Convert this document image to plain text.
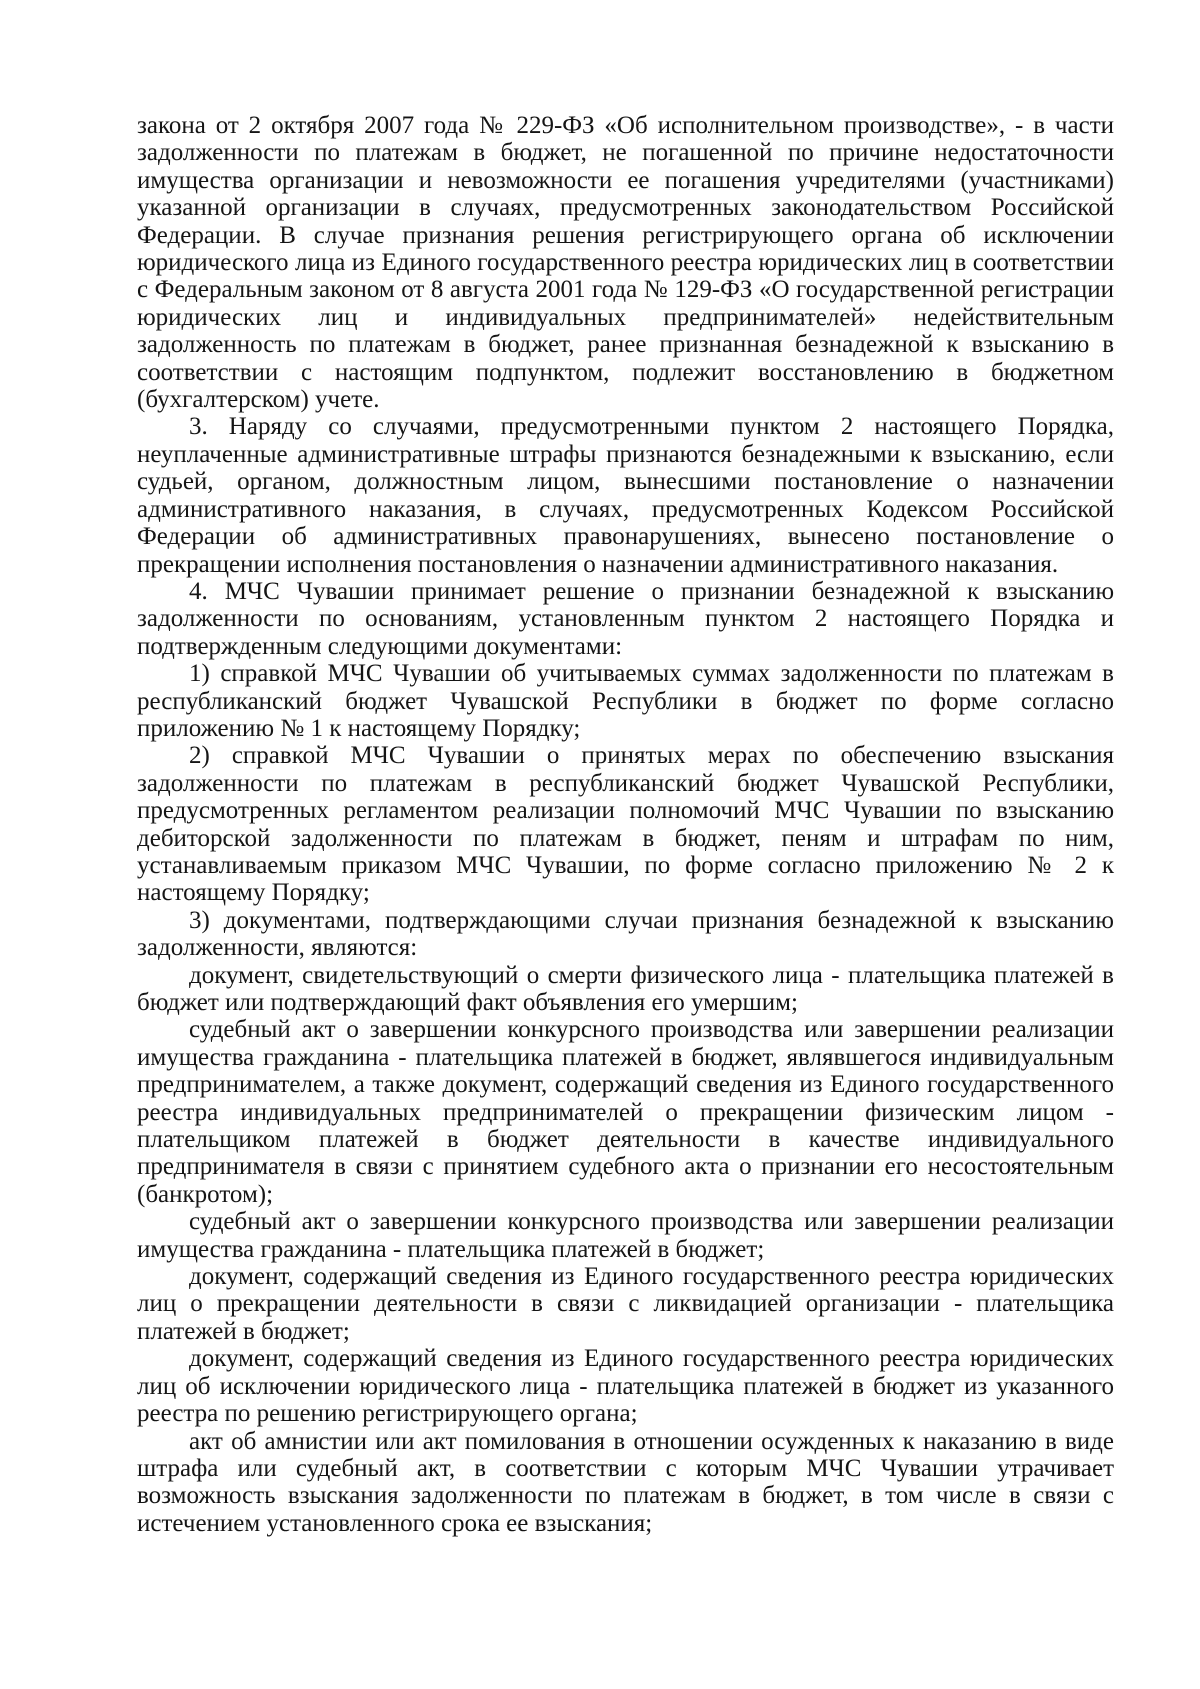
закона от 2 октября 2007 года № 229-ФЗ «Об исполнительном производстве», - в части задолженности по платежам в бюджет, не погашенной по причине недостаточности имущества организации и невозможности ее погашения учредителями (участниками) указанной организации в случаях, предусмотренных законодательством Российской Федерации. В случае признания решения регистрирующего органа об исключении юридического лица из Единого государственного реестра юридических лиц в соответствии с Федеральным законом от 8 августа 2001 года № 129-ФЗ «О государственной регистрации юридических лиц и индивидуальных предпринимателей» недействительным задолженность по платежам в бюджет, ранее признанная безнадежной к взысканию в соответствии с настоящим подпунктом, подлежит восстановлению в бюджетном (бухгалтерском) учете.

3. Наряду со случаями, предусмотренными пунктом 2 настоящего Порядка, неуплаченные административные штрафы признаются безнадежными к взысканию, если судьей, органом, должностным лицом, вынесшими постановление о назначении административного наказания, в случаях, предусмотренных Кодексом Российской Федерации об административных правонарушениях, вынесено постановление о прекращении исполнения постановления о назначении административного наказания.

4. МЧС Чувашии принимает решение о признании безнадежной к взысканию задолженности по основаниям, установленным пунктом 2 настоящего Порядка и подтвержденным следующими документами:

1) справкой МЧС Чувашии об учитываемых суммах задолженности по платежам в республиканский бюджет Чувашской Республики в бюджет по форме согласно приложению № 1 к настоящему Порядку;

2) справкой МЧС Чувашии о принятых мерах по обеспечению взыскания задолженности по платежам в республиканский бюджет Чувашской Республики, предусмотренных регламентом реализации полномочий МЧС Чувашии по взысканию дебиторской задолженности по платежам в бюджет, пеням и штрафам по ним, устанавливаемым приказом МЧС Чувашии, по форме согласно приложению № 2 к настоящему Порядку;

3) документами, подтверждающими случаи признания безнадежной к взысканию задолженности, являются:

документ, свидетельствующий о смерти физического лица - плательщика платежей в бюджет или подтверждающий факт объявления его умершим;

судебный акт о завершении конкурсного производства или завершении реализации имущества гражданина - плательщика платежей в бюджет, являвшегося индивидуальным предпринимателем, а также документ, содержащий сведения из Единого государственного реестра индивидуальных предпринимателей о прекращении физическим лицом - плательщиком платежей в бюджет деятельности в качестве индивидуального предпринимателя в связи с принятием судебного акта о признании его несостоятельным (банкротом);

судебный акт о завершении конкурсного производства или завершении реализации имущества гражданина - плательщика платежей в бюджет;

документ, содержащий сведения из Единого государственного реестра юридических лиц о прекращении деятельности в связи с ликвидацией организации - плательщика платежей в бюджет;

документ, содержащий сведения из Единого государственного реестра юридических лиц об исключении юридического лица - плательщика платежей в бюджет из указанного реестра по решению регистрирующего органа;

акт об амнистии или акт помилования в отношении осужденных к наказанию в виде штрафа или судебный акт, в соответствии с которым МЧС Чувашии утрачивает возможность взыскания задолженности по платежам в бюджет, в том числе в связи с истечением установленного срока ее взыскания;
